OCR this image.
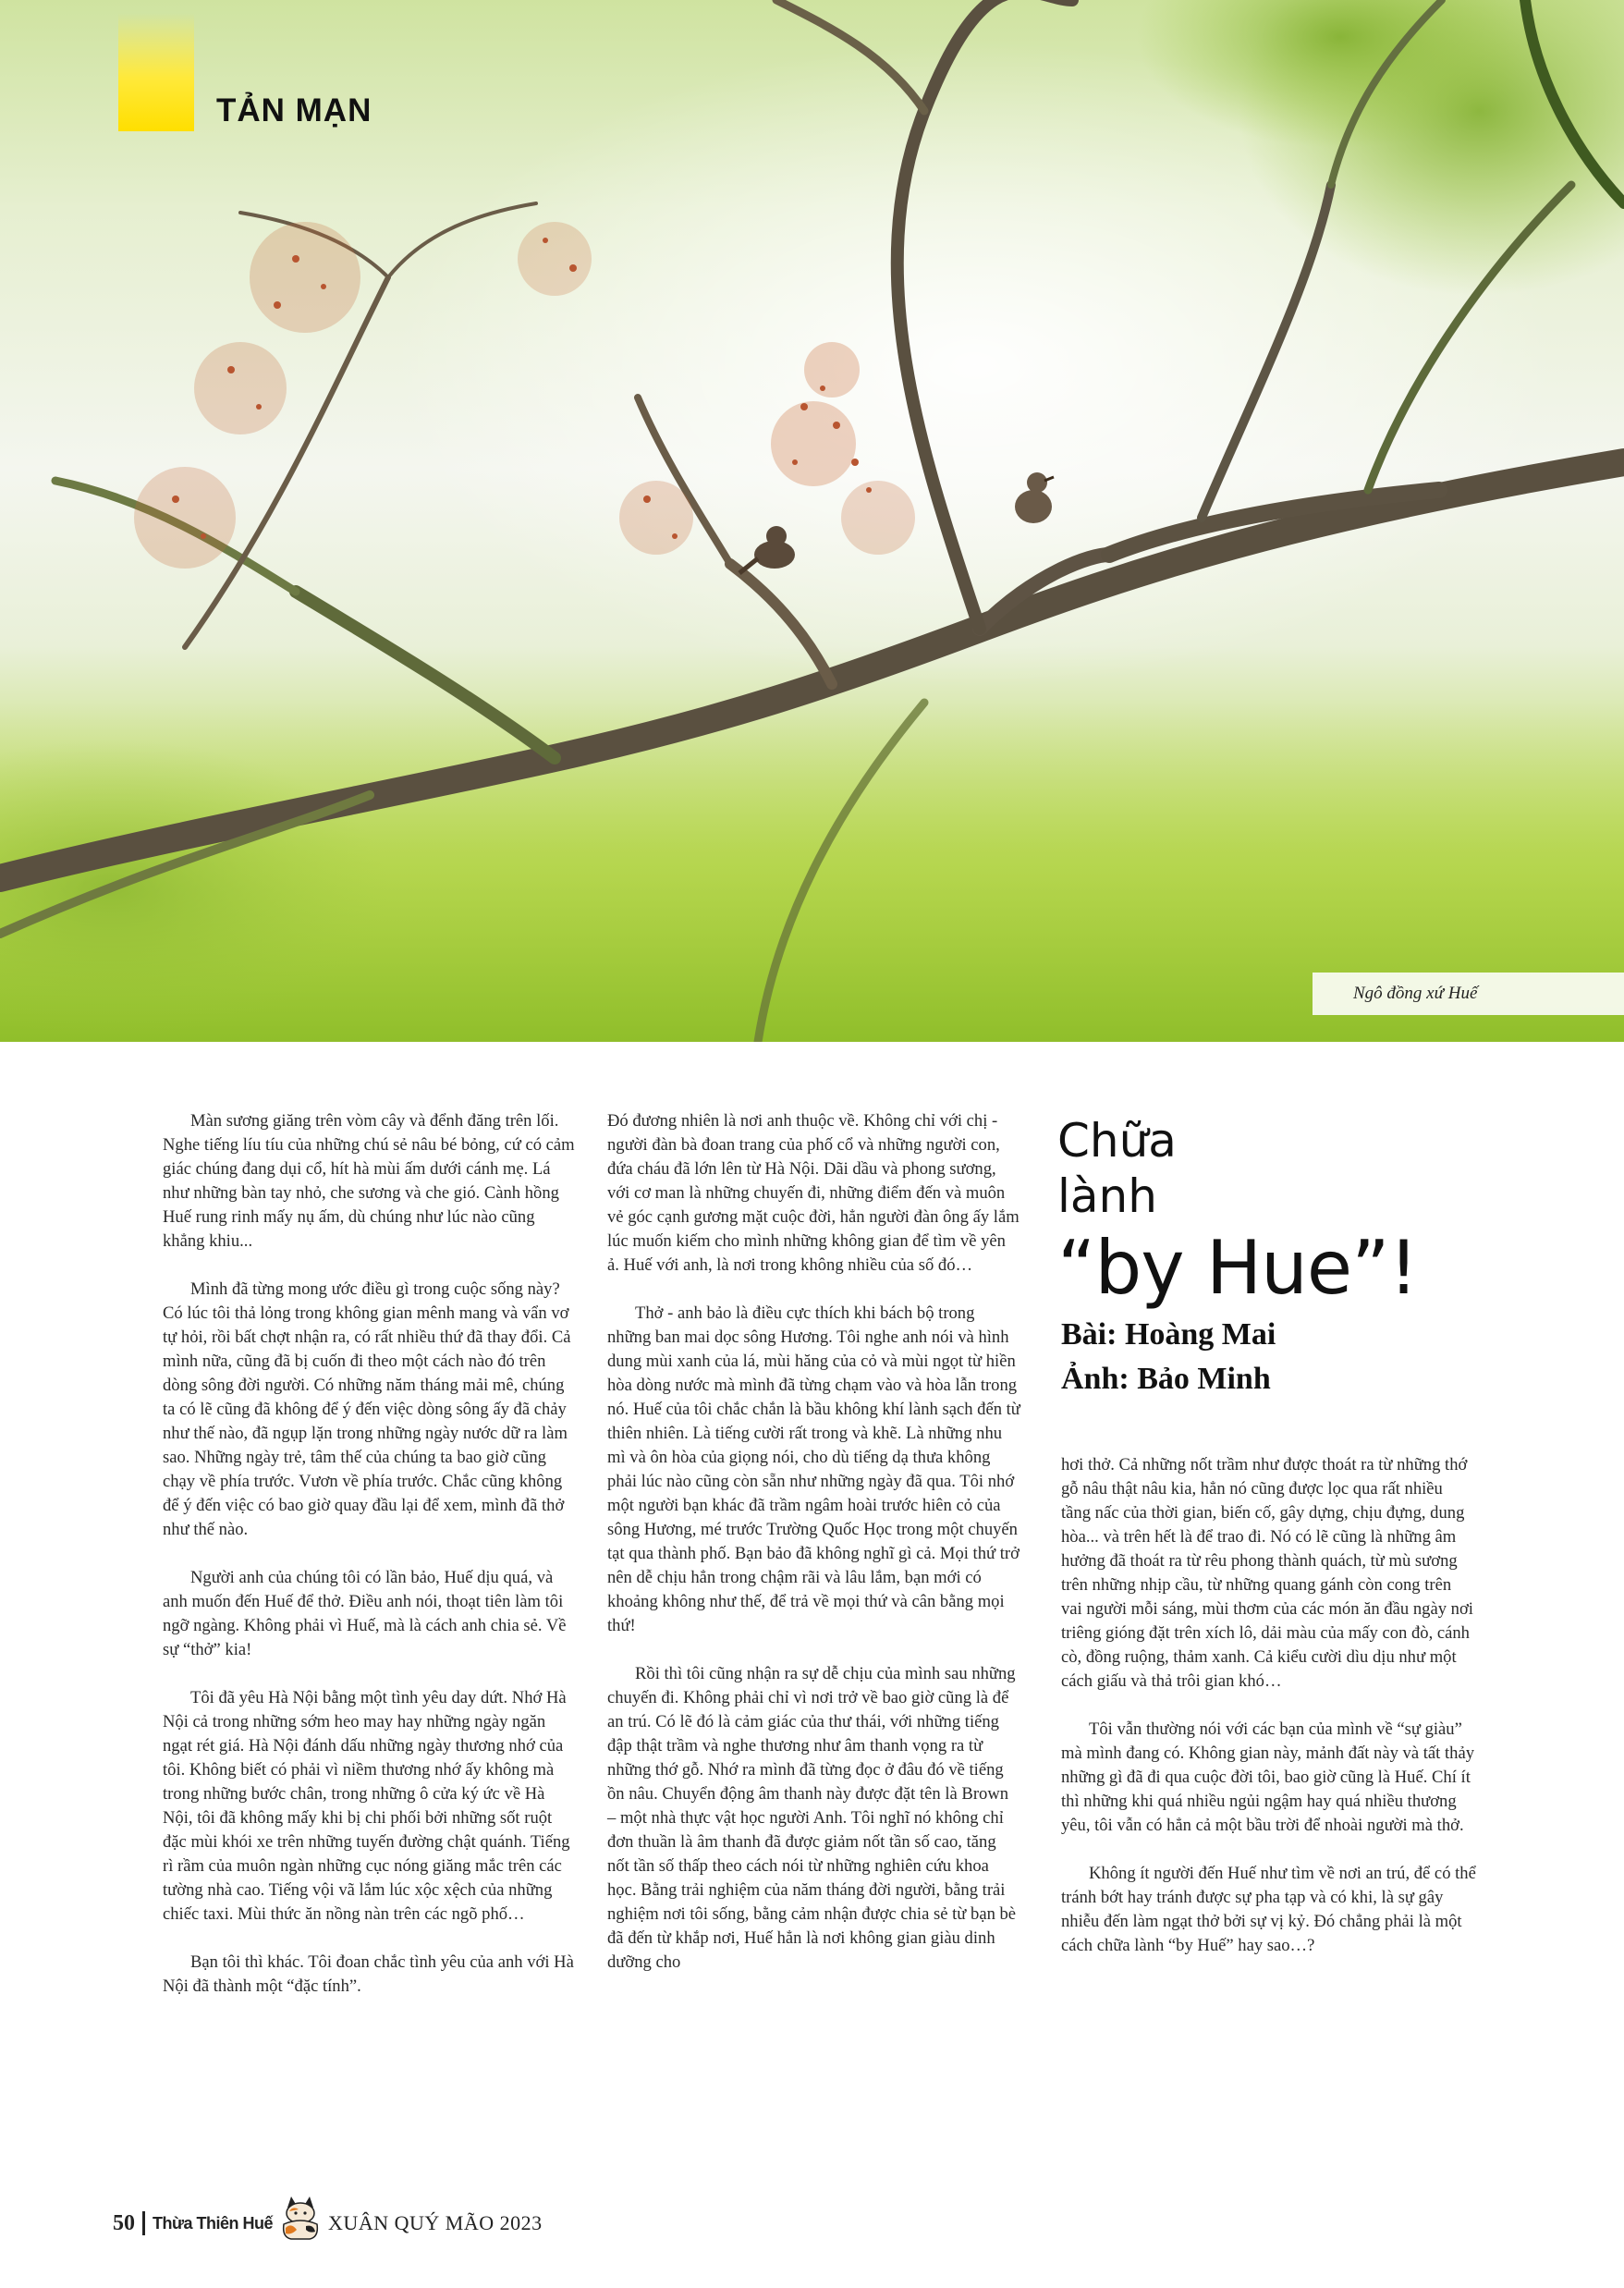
TẢN MẠN
Ngô đồng xứ Huế

Màn sương giăng trên vòm cây và đểnh đăng trên lối. Nghe tiếng líu tíu của những chú sẻ nâu bé bỏng, cứ có cảm giác chúng đang dụi cổ, hít hà mùi ấm dưới cánh mẹ. Lá như những bàn tay nhỏ, che sương và che gió. Cành hồng Huế rung rinh mấy nụ ấm, dù chúng như lúc nào cũng khẳng khiu...

Mình đã từng mong ước điều gì trong cuộc sống này? Có lúc tôi thả lỏng trong không gian mênh mang và vẩn vơ tự hỏi, rồi bất chợt nhận ra, có rất nhiều thứ đã thay đổi. Cả mình nữa, cũng đã bị cuốn đi theo một cách nào đó trên dòng sông đời người. Có những năm tháng mải mê, chúng ta có lẽ cũng đã không để ý đến việc dòng sông ấy đã chảy như thế nào, đã ngụp lặn trong những ngày nước dữ ra làm sao. Những ngày trẻ, tâm thế của chúng ta bao giờ cũng chạy về phía trước. Vươn về phía trước. Chắc cũng không để ý đến việc có bao giờ quay đầu lại để xem, mình đã thở như thế nào.

Người anh của chúng tôi có lần bảo, Huế dịu quá, và anh muốn đến Huế để thở. Điều anh nói, thoạt tiên làm tôi ngỡ ngàng. Không phải vì Huế, mà là cách anh chia sẻ. Về sự “thở” kia!

Tôi đã yêu Hà Nội bằng một tình yêu day dứt. Nhớ Hà Nội cả trong những sớm heo may hay những ngày ngăn ngạt rét giá. Hà Nội đánh dấu những ngày thương nhớ của tôi. Không biết có phải vì niềm thương nhớ ấy không mà trong những bước chân, trong những ô cửa ký ức về Hà Nội, tôi đã không mấy khi bị chi phối bởi những sốt ruột đặc mùi khói xe trên những tuyến đường chật quánh. Tiếng rì rầm của muôn ngàn những cục nóng giăng mắc trên các tường nhà cao. Tiếng vội vã lắm lúc xộc xệch của những chiếc taxi. Mùi thức ăn nồng nàn trên các ngõ phố…

Bạn tôi thì khác. Tôi đoan chắc tình yêu của anh với Hà Nội đã thành một “đặc tính”.

Đó đương nhiên là nơi anh thuộc về. Không chỉ với chị - người đàn bà đoan trang của phố cổ và những người con, đứa cháu đã lớn lên từ Hà Nội. Dãi dầu và phong sương, với cơ man là những chuyến đi, những điểm đến và muôn vẻ góc cạnh gương mặt cuộc đời, hẳn người đàn ông ấy lắm lúc muốn kiếm cho mình những không gian để tìm về yên ả. Huế với anh, là nơi trong không nhiều của số đó…

Thở - anh bảo là điều cực thích khi bách bộ trong những ban mai dọc sông Hương. Tôi nghe anh nói và hình dung mùi xanh của lá, mùi hăng của cỏ và mùi ngọt từ hiền hòa dòng nước mà mình đã từng chạm vào và hòa lẫn trong nó. Huế của tôi chắc chắn là bầu không khí lành sạch đến từ thiên nhiên. Là tiếng cười rất trong và khẽ. Là những nhu mì và ôn hòa của giọng nói, cho dù tiếng dạ thưa không phải lúc nào cũng còn sẵn như những ngày đã qua. Tôi nhớ một người bạn khác đã trầm ngâm hoài trước hiên cỏ của sông Hương, mé trước Trường Quốc Học trong một chuyến tạt qua thành phố. Bạn bảo đã không nghĩ gì cả. Mọi thứ trở nên dễ chịu hẳn trong chậm rãi và lâu lắm, bạn mới có khoảng không như thế, để trả về mọi thứ và cân bằng mọi thứ!

Rồi thì tôi cũng nhận ra sự dễ chịu của mình sau những chuyến đi. Không phải chỉ vì nơi trở về bao giờ cũng là để an trú. Có lẽ đó là cảm giác của thư thái, với những tiếng đập thật trầm và nghe thương như âm thanh vọng ra từ những thớ gỗ. Nhớ ra mình đã từng đọc ở đâu đó về tiếng ồn nâu. Chuyển động âm thanh này được đặt tên là Brown – một nhà thực vật học người Anh. Tôi nghĩ nó không chỉ đơn thuần là âm thanh đã được giảm nốt tần số cao, tăng nốt tần số thấp theo cách nói từ những nghiên cứu khoa học. Bằng trải nghiệm của năm tháng đời người, bằng trải nghiệm nơi tôi sống, bằng cảm nhận được chia sẻ từ bạn bè đã đến từ khắp nơi, Huế hẳn là nơi không gian giàu dinh dưỡng cho

Chữa
lành
“by Hue”!
Bài: Hoàng Mai
Ảnh: Bảo Minh

hơi thở. Cả những nốt trầm như được thoát ra từ những thớ gỗ nâu thật nâu kia, hẳn nó cũng được lọc qua rất nhiều tầng nấc của thời gian, biến cố, gây dựng, chịu đựng, dung hòa... và trên hết là để trao đi. Nó có lẽ cũng là những âm hưởng đã thoát ra từ rêu phong thành quách, từ mù sương trên những nhịp cầu, từ những quang gánh còn cong trên vai người mỗi sáng, mùi thơm của các món ăn đầu ngày nơi triêng gióng đặt trên xích lô, dải màu của mấy con đò, cánh cò, đồng ruộng, thảm xanh. Cả kiểu cười dìu dịu như một cách giấu và thả trôi gian khó…

Tôi vẫn thường nói với các bạn của mình về “sự giàu” mà mình đang có. Không gian này, mảnh đất này và tất thảy những gì đã đi qua cuộc đời tôi, bao giờ cũng là Huế. Chí ít thì những khi quá nhiều ngủi ngậm hay quá nhiều thương yêu, tôi vẫn có hẳn cả một bầu trời để nhoài người mà thở.

Không ít người đến Huế như tìm về nơi an trú, để có thể tránh bớt hay tránh được sự pha tạp và có khi, là sự gây nhiễu đến làm ngạt thở bởi sự vị kỷ. Đó chẳng phải là một cách chữa lành “by Huế” hay sao…?

50 Thừa Thiên Huế	XUÂN QUÝ MÃO 2023
